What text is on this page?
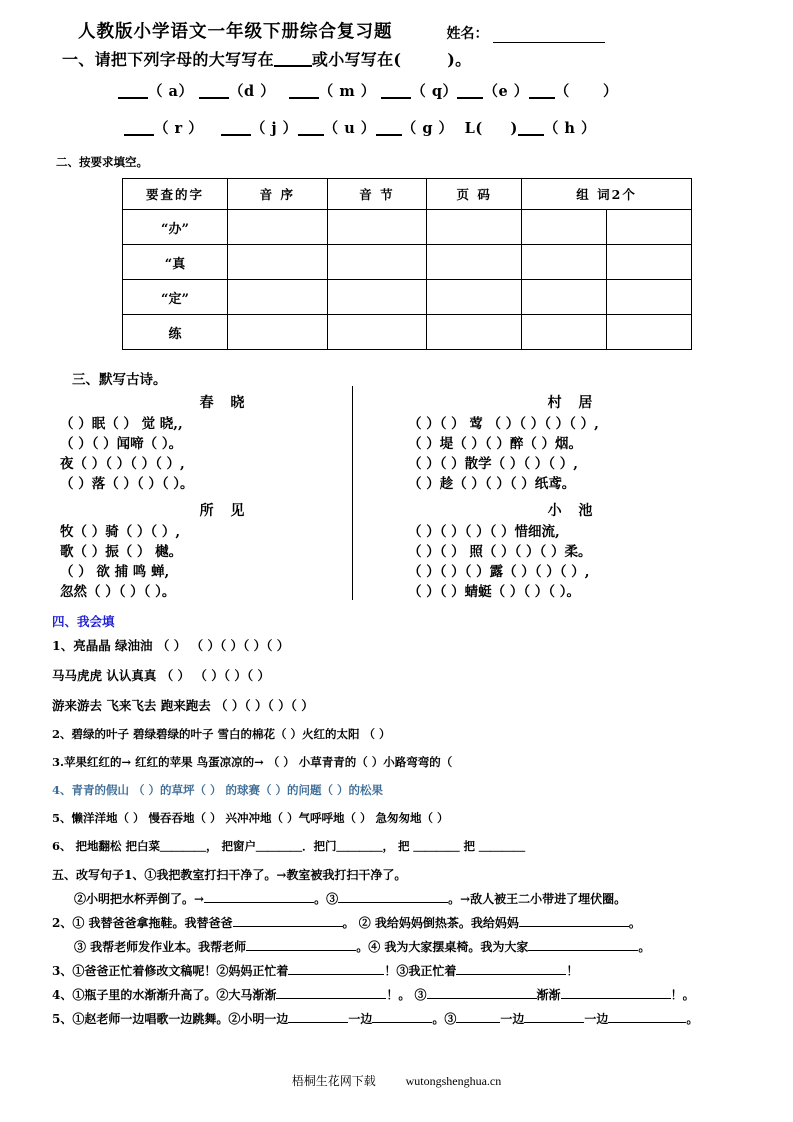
人教版小学语文一年级下册综合复习题	姓名：
一、请把下列字母的大写写在 或小写写在(	)。
（ a） （d ）	（ m ） （ q） （e ） （      ）
（ r ）	（ j ） （ u ） （ g ）  L(     ) （ h ）
二、按要求填空。
要查的字	音 序	音 节	页 码	组 词2个	
“办”					
“真					
“定”					
练					
三、默写古诗。
春 晓
（ ）眠（ ） 觉 晓,,
（ ）（ ）闻啼（ ）。
夜（ ）（ ）（ ）（ ）,
（ ）落（ ）（ ）（ ）。
村 居
（ ）（ ） 莺 （ ）（ ）（ ）（ ）,
（ ）堤（ ）（ ）醉（ ）烟。
（ ）（ ）散学（ ）（ ）（ ）,
（ ）趁（ ）（ ）（ ）纸鸢。
所 见
牧（ ）骑（ ）（ ）,
歌（ ）振（ ） 樾。
（ ） 欲 捕 鸣 蝉,
忽然（ ）（ ）（ ）。
小 池
（ ）（ ）（ ）（ ）惜细流,
（ ）（ ） 照（ ）（ ）（ ）柔。
（ ）（ ）（ ）露（ ）（ ）（ ）,
（ ）（ ）蜻蜓（ ）（ ）（ ）。
四、我会填
1、亮晶晶 绿油油 （ ） （ ）（ ）（ ）（ ）
马马虎虎 认认真真 （ ） （ ）（ ）（ ）
游来游去 飞来飞去 跑来跑去 （ ）（ ）（ ）（ ）
2、碧绿的叶子 碧绿碧绿的叶子 雪白的棉花（ ）火红的太阳 （ ）
3.苹果红红的→ 红红的苹果 鸟蛋凉凉的→ （ ） 小草青青的（ ）小路弯弯的（
4、青青的假山 （ ）的草坪（ ） 的球赛（ ）的问题（ ）的松果
5、懒洋洋地（ ） 慢吞吞地（ ） 兴冲冲地（ ）气呼呼地（ ） 急匆匆地（ ）
6、 把地翻松 把白菜＿＿＿＿， 把窗户＿＿＿＿．把门＿＿＿＿， 把 ＿＿＿＿ 把 ＿＿＿＿
五、改写句子1、①我把教室打扫干净了。→教室被我打扫干净了。
②小明把水杯弄倒了。→	。③	。→敌人被王二小带进了埋伏圈。
2、① 我替爸爸拿拖鞋。我替爸爸	。 ② 我给妈妈倒热茶。我给妈妈	。
③ 我帮老师发作业本。我帮老师	。④ 我为大家摆桌椅。我为大家	。
3、①爸爸正忙着修改文稿呢！②妈妈正忙着	！③我正忙着	！
4、①瓶子里的水渐渐升高了。②大马渐渐	！。 ③	渐渐	！。
5、①赵老师一边唱歌一边跳舞。②小明一边	一边	。③	一边	一边	。
梧桐生花网下载 wutongshenghua.cn
